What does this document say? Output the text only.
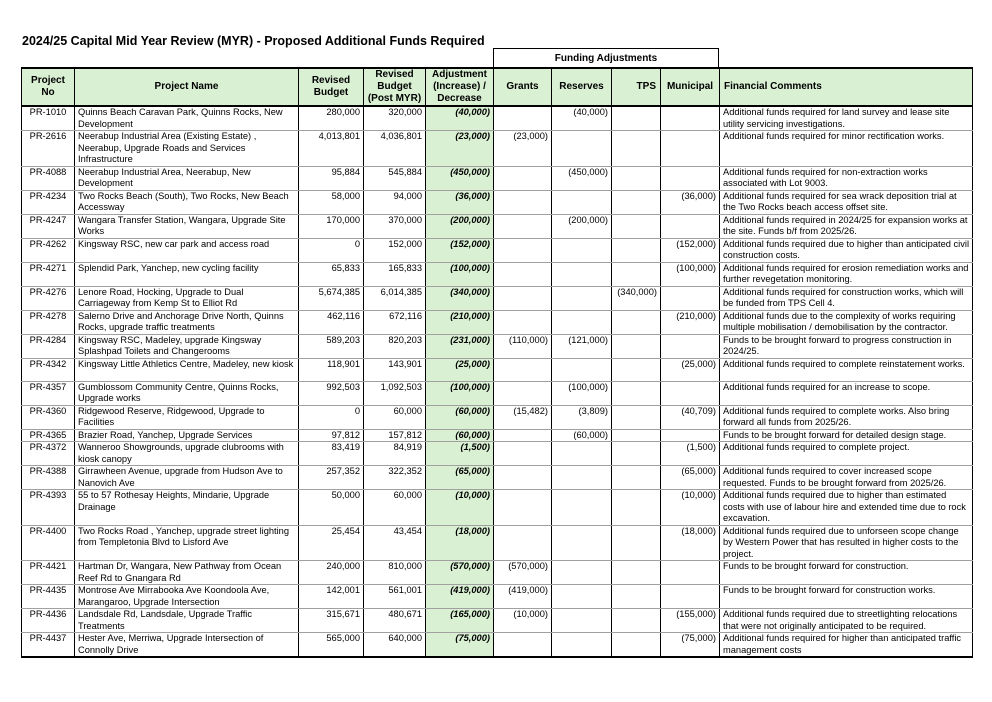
2024/25 Capital Mid Year Review (MYR) - Proposed Additional Funds Required
Funding Adjustments
Project No	Project Name	Revised Budget	Revised Budget (Post MYR)	Adjustment (Increase) / Decrease	Grants	Reserves	TPS	Municipal	Financial Comments
PR-1010	Quinns Beach Caravan Park, Quinns Rocks, New Development	280,000	320,000	(40,000)		(40,000)			Additional funds required for land survey and lease site utility servicing investigations.
PR-2616	Neerabup Industrial Area (Existing Estate) , Neerabup, Upgrade Roads and Services Infrastructure	4,013,801	4,036,801	(23,000)	(23,000)				Additional funds required for minor rectification works.
PR-4088	Neerabup Industrial Area, Neerabup, New Development	95,884	545,884	(450,000)		(450,000)			Additional funds required for non-extraction works associated with Lot 9003.
PR-4234	Two Rocks Beach (South), Two Rocks, New Beach Accessway	58,000	94,000	(36,000)				(36,000)	Additional funds required for sea wrack deposition trial at the Two Rocks beach access offset site.
PR-4247	Wangara Transfer Station, Wangara, Upgrade Site Works	170,000	370,000	(200,000)		(200,000)			Additional funds required in 2024/25 for expansion works at the site. Funds b/f from 2025/26.
PR-4262	Kingsway RSC, new car park and access road	0	152,000	(152,000)				(152,000)	Additional funds required due to higher than anticipated civil construction costs.
PR-4271	Splendid Park, Yanchep, new cycling facility	65,833	165,833	(100,000)				(100,000)	Additional funds required for erosion remediation works and further revegetation monitoring.
PR-4276	Lenore Road, Hocking, Upgrade to Dual Carriageway from Kemp St to Elliot Rd	5,674,385	6,014,385	(340,000)			(340,000)		Additional funds required for construction works, which will be funded from TPS Cell 4.
PR-4278	Salerno Drive and Anchorage Drive North, Quinns Rocks, upgrade traffic treatments	462,116	672,116	(210,000)				(210,000)	Additional funds due to the complexity of works requiring multiple mobilisation / demobilisation by the contractor.
PR-4284	Kingsway RSC, Madeley, upgrade Kingsway Splashpad Toilets and Changerooms	589,203	820,203	(231,000)	(110,000)	(121,000)			Funds to be brought forward to progress construction in 2024/25.
PR-4342	Kingsway Little Athletics Centre, Madeley, new kiosk	118,901	143,901	(25,000)				(25,000)	Additional funds required to complete reinstatement works.
PR-4357	Gumblossom Community Centre, Quinns Rocks, Upgrade works	992,503	1,092,503	(100,000)		(100,000)			Additional funds required for an increase to scope.
PR-4360	Ridgewood Reserve, Ridgewood, Upgrade to Facilities	0	60,000	(60,000)	(15,482)	(3,809)		(40,709)	Additional funds required to complete works. Also bring forward all funds from 2025/26.
PR-4365	Brazier Road, Yanchep, Upgrade Services	97,812	157,812	(60,000)		(60,000)			Funds to be brought forward for detailed design stage.
PR-4372	Wanneroo Showgrounds, upgrade clubrooms with kiosk canopy	83,419	84,919	(1,500)				(1,500)	Additional funds required to complete project.
PR-4388	Girrawheen Avenue, upgrade from Hudson Ave to Nanovich Ave	257,352	322,352	(65,000)				(65,000)	Additional funds required to cover increased scope requested. Funds to be brought forward from 2025/26.
PR-4393	55 to 57 Rothesay Heights, Mindarie, Upgrade Drainage	50,000	60,000	(10,000)				(10,000)	Additional funds required due to higher than estimated costs with use of labour hire and extended time due to rock excavation.
PR-4400	Two Rocks Road , Yanchep, upgrade street lighting from Templetonia Blvd to Lisford Ave	25,454	43,454	(18,000)				(18,000)	Additional funds required due to unforseen scope change by Western Power that has resulted in higher costs to the project.
PR-4421	Hartman Dr, Wangara, New Pathway from Ocean Reef Rd to Gnangara Rd	240,000	810,000	(570,000)	(570,000)				Funds to be brought forward for construction.
PR-4435	Montrose Ave Mirrabooka Ave Koondoola Ave, Marangaroo, Upgrade Intersection	142,001	561,001	(419,000)	(419,000)				Funds to be brought forward for construction works.
PR-4436	Landsdale Rd, Landsdale, Upgrade Traffic Treatments	315,671	480,671	(165,000)	(10,000)			(155,000)	Additional funds required due to streetlighting relocations that were not originally anticipated to be required.
PR-4437	Hester Ave, Merriwa, Upgrade Intersection of Connolly Drive	565,000	640,000	(75,000)				(75,000)	Additional funds required for higher than anticipated traffic management costs
